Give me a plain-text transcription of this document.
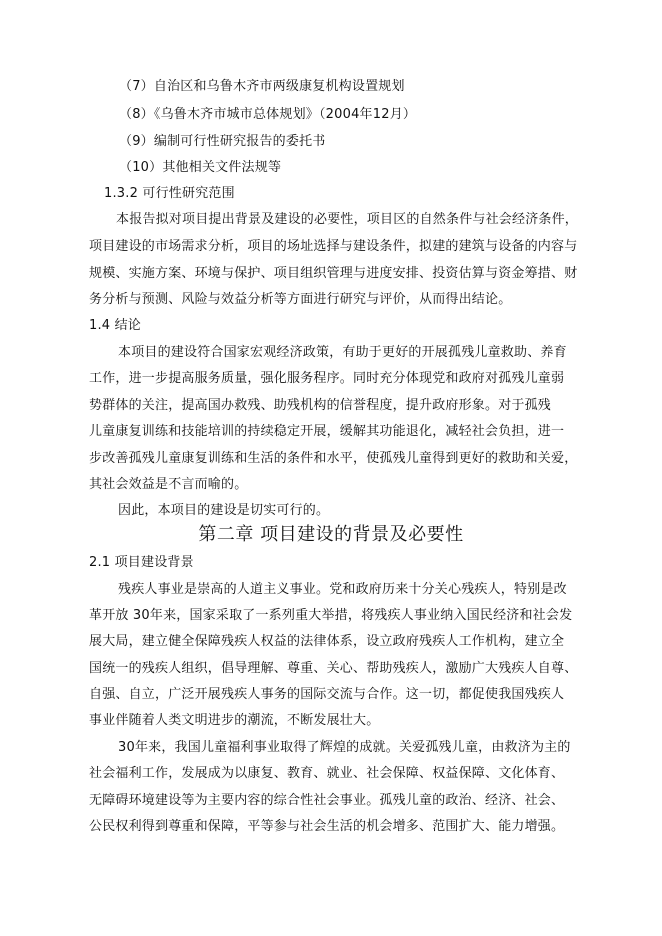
（7）自治区和乌鲁木齐市两级康复机构设置规划
（8）《乌鲁木齐市城市总体规划》（2004年12月）
（9）编制可行性研究报告的委托书
（10）其他相关文件法规等
1.3.2 可行性研究范围
本报告拟对项目提出背景及建设的必要性，项目区的自然条件与社会经济条件，
项目建设的市场需求分析，项目的场址选择与建设条件，拟建的建筑与设备的内容与
规模、实施方案、环境与保护、项目组织管理与进度安排、投资估算与资金筹措、财
务分析与预测、风险与效益分析等方面进行研究与评价，从而得出结论。
1.4 结论
本项目的建设符合国家宏观经济政策，有助于更好的开展孤残儿童救助、养育
工作，进一步提高服务质量，强化服务程序。同时充分体现党和政府对孤残儿童弱
势群体的关注，提高国办救残、助残机构的信誉程度，提升政府形象。对于孤残
儿童康复训练和技能培训的持续稳定开展，缓解其功能退化，减轻社会负担，进一
步改善孤残儿童康复训练和生活的条件和水平，使孤残儿童得到更好的救助和关爱，
其社会效益是不言而喻的。
因此，本项目的建设是切实可行的。
第二章 项目建设的背景及必要性
2.1 项目建设背景
残疾人事业是崇高的人道主义事业。党和政府历来十分关心残疾人，特别是改
革开放 30年来，国家采取了一系列重大举措，将残疾人事业纳入国民经济和社会发
展大局，建立健全保障残疾人权益的法律体系，设立政府残疾人工作机构，建立全
国统一的残疾人组织，倡导理解、尊重、关心、帮助残疾人，激励广大残疾人自尊、
自强、自立，广泛开展残疾人事务的国际交流与合作。这一切，都促使我国残疾人
事业伴随着人类文明进步的潮流，不断发展壮大。
30年来，我国儿童福利事业取得了辉煌的成就。关爱孤残儿童，由救济为主的
社会福利工作，发展成为以康复、教育、就业、社会保障、权益保障、文化体育、
无障碍环境建设等为主要内容的综合性社会事业。孤残儿童的政治、经济、社会、
公民权利得到尊重和保障，平等参与社会生活的机会增多、范围扩大、能力增强。
